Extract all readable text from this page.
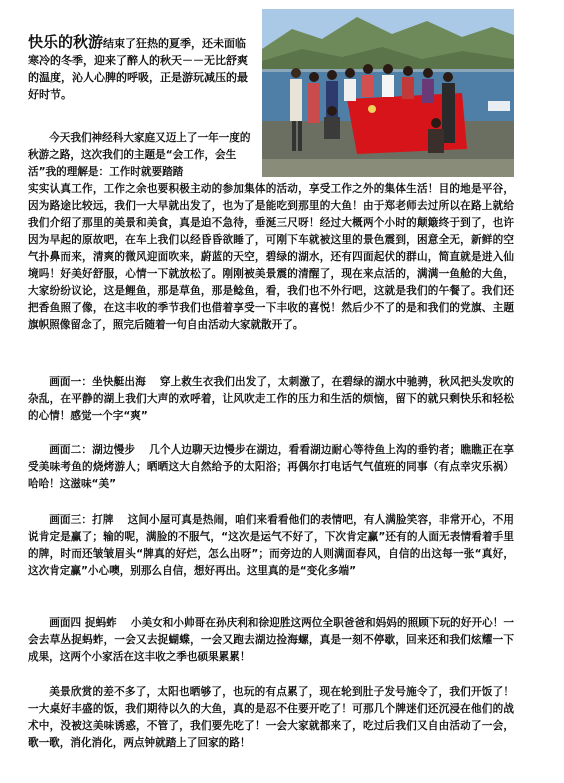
快乐的秋游结束了狂热的夏季，还未面临寒冷的冬季，迎来了醉人的秋天－－无比舒爽的温度，沁人心脾的呼吸，正是游玩减压的最好时节。
今天我们神经科大家庭又迈上了一年一度的秋游之路，这次我们的主题是“会工作，会生活”我的理解是：工作时就要踏踏
实实认真工作，工作之余也要积极主动的参加集体的活动，享受工作之外的集体生活！目的地是平谷，因为路途比较远，我们一大早就出发了，也为了是能吃到那里的大鱼！由于郑老师去过所以在路上就给我们介绍了那里的美景和美食，真是迫不急待，垂涎三尺呀！经过大概两个小时的颠簸终于到了，也许因为早起的原故吧，在车上我们以经昏昏欲睡了，可刚下车就被这里的景色震到，困意全无，新鲜的空气扑鼻而来，清爽的微风迎面吹来，蔚蓝的天空，碧绿的湖水，还有四面起伏的群山，简直就是进入仙境吗！好美好舒服，心情一下就放松了。刚刚被美景震的清醒了，现在来点活的，满满一鱼舱的大鱼，大家纷纷议论，这是鲤鱼，那是草鱼，那是鲶鱼，看，我们也不外行吧，这就是我们的午餐了。我们还把香鱼照了像，在这丰收的季节我们也借着享受一下丰收的喜悦！然后少不了的是和我们的党旗、主题旗帜照像留念了，照完后随着一句自由活动大家就散开了。
画面一：坐快艇出海 穿上救生衣我们出发了，太刺激了，在碧绿的湖水中驰骋，秋风把头发吹的杂乱，在平静的湖上我们大声的欢呼着，让风吹走工作的压力和生活的烦恼，留下的就只剩快乐和轻松的心情！感觉一个字“爽”
画面二：湖边慢步 几个人边聊天边慢步在湖边，看看湖边耐心等待鱼上沟的垂钓者；瞧瞧正在享受美味考鱼的烧烤游人；晒晒这大自然给予的太阳浴；再偶尔打电话气气值班的同事（有点幸灾乐祸）哈哈！这滋味“美”
画面三：打牌 这间小屋可真是热闹，咱们来看看他们的表情吧，有人满脸笑容，非常开心，不用说肯定是赢了；输的呢，满脸的不服气，“这次是运气不好了，下次肯定赢”还有的人面无表情看着手里的牌，时而还皱皱眉头“牌真的好烂，怎么出呀”；而旁边的人则满面春风，自信的出这每一张“真好，这次肯定赢”小心噢，别那么自信，想好再出。这里真的是“变化多端”
画面四 捉蚂蚱 小美女和小帅哥在孙庆利和徐迎胜这两位全职爸爸和妈妈的照顾下玩的好开心！一会去草丛捉蚂蚱，一会又去捉蝴蝶，一会又跑去湖边捡海螺，真是一刻不停歇，回来还和我们炫耀一下成果，这两个小家活在这丰收之季也硕果累累！
美景欣赏的差不多了，太阳也晒够了，也玩的有点累了，现在轮到肚子发号施令了，我们开饭了！一大桌好丰盛的饭，我们期待以久的大鱼，真的是忍不住要开吃了！可那几个牌迷们还沉浸在他们的战术中，没被这美味诱惑，不管了，我们要先吃了！一会大家就都来了，吃过后我们又自由活动了一会，歌一歌，消化消化，两点钟就踏上了回家的路！
